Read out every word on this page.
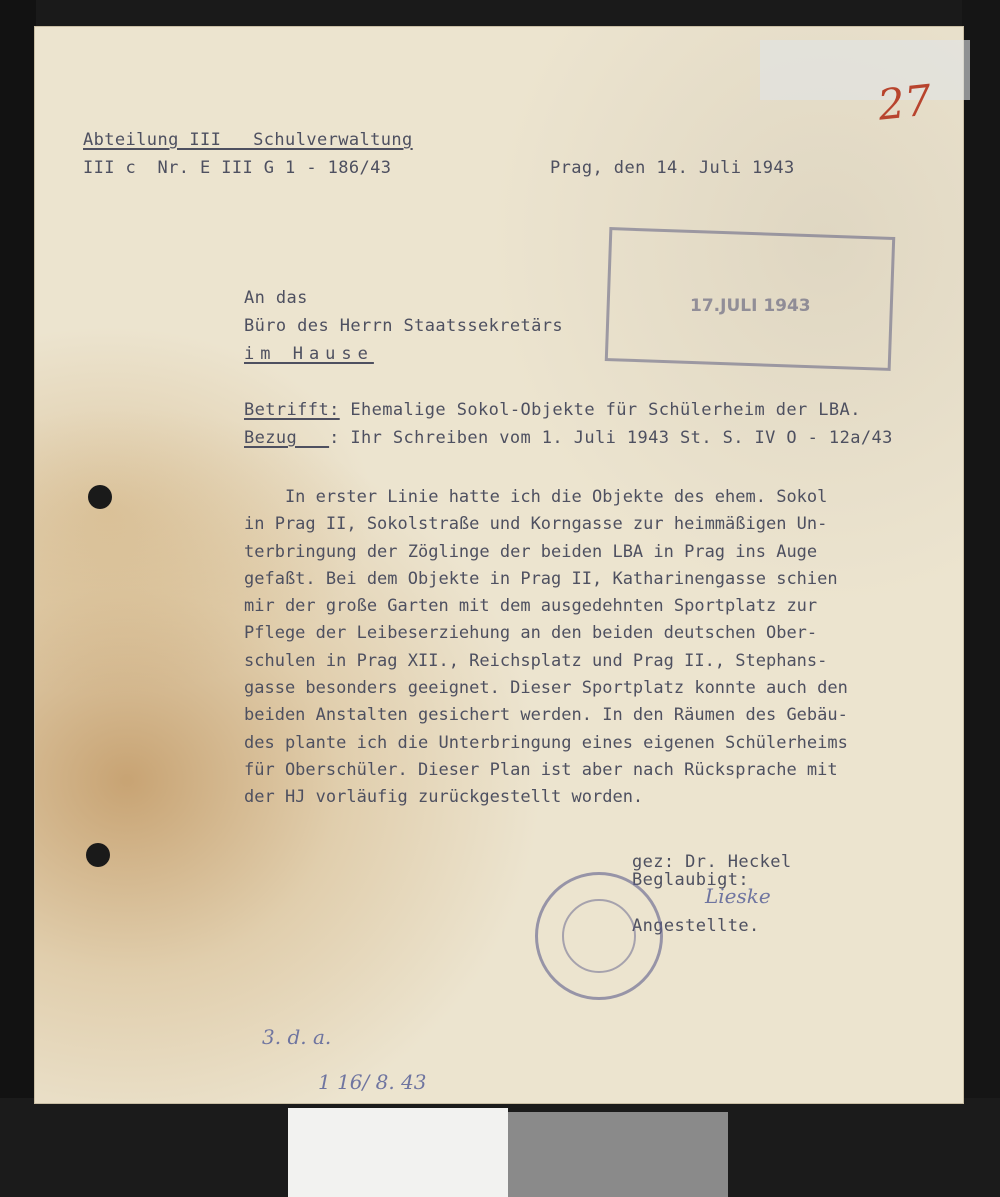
27
Abteilung III   Schulverwaltung
III c  Nr. E III G 1 - 186/43	Prag, den 14. Juli 1943
17.JULI 1943
An das
Büro des Herrn Staatssekretärs
im Hause
Betrifft: Ehemalige Sokol-Objekte für Schülerheim der LBA.
Bezug   : Ihr Schreiben vom 1. Juli 1943 St. S. IV O - 12a/43
In erster Linie hatte ich die Objekte des ehem. Sokol
in Prag II, Sokolstraße und Korngasse zur heimmäßigen Un-
terbringung der Zöglinge der beiden LBA in Prag ins Auge
gefaßt. Bei dem Objekte in Prag II, Katharinengasse schien
mir der große Garten mit dem ausgedehnten Sportplatz zur
Pflege der Leibeserziehung an den beiden deutschen Ober-
schulen in Prag XII., Reichsplatz und Prag II., Stephans-
gasse besonders geeignet. Dieser Sportplatz konnte auch den
beiden Anstalten gesichert werden. In den Räumen des Gebäu-
des plante ich die Unterbringung eines eigenen Schülerheims
für Oberschüler. Dieser Plan ist aber nach Rücksprache mit
der HJ vorläufig zurückgestellt worden.
gez: Dr. Heckel
Beglaubigt:
Lieske
Angestellte.
3. d. a.
1 16/ 8. 43
